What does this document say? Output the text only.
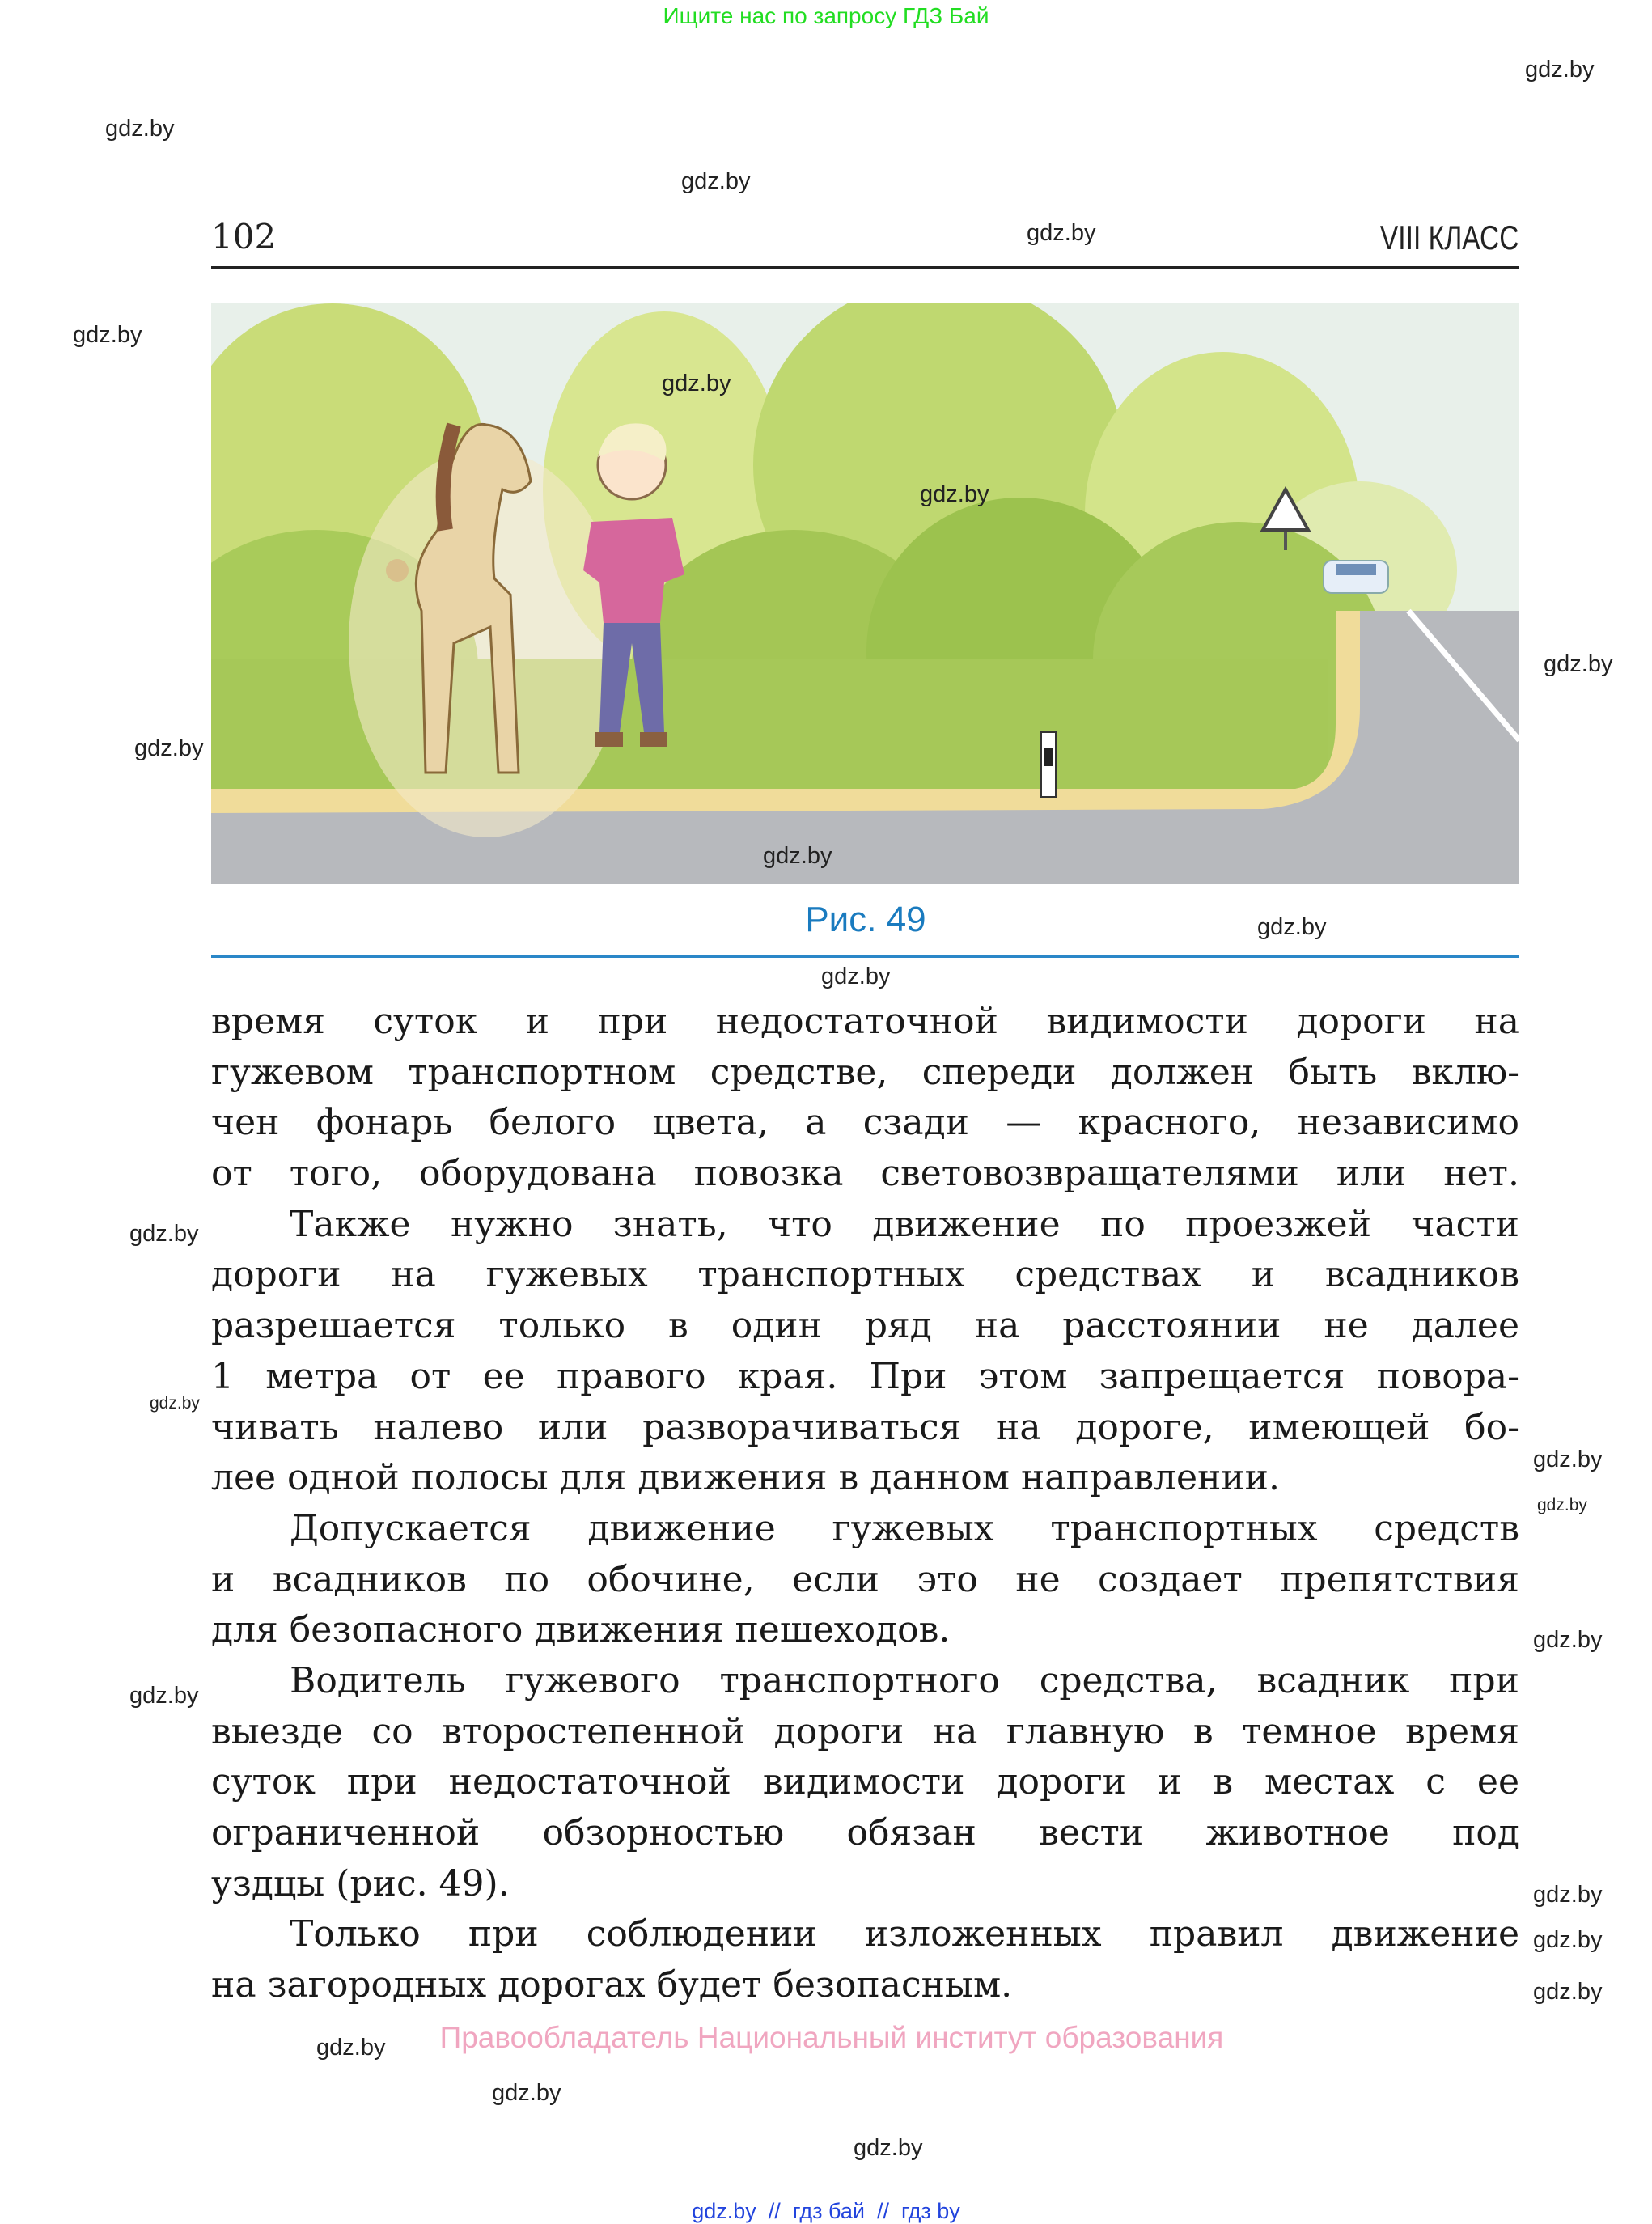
Ищите нас по запросу ГДЗ Бай
102	VIII КЛАСС
Рис. 49
время суток и при недостаточной видимости дороги на
гужевом транспортном средстве, спереди должен быть вклю-
чен фонарь белого цвета, а сзади — красного, независимо
от того, оборудована повозка световозвращателями или нет.
Также нужно знать, что движение по проезжей части
дороги на гужевых транспортных средствах и всадников
разрешается только в один ряд на расстоянии не далее
1 метра от ее правого края. При этом запрещается повора-
чивать налево или разворачиваться на дороге, имеющей бо-
лее одной полосы для движения в данном направлении.
Допускается движение гужевых транспортных средств
и всадников по обочине, если это не создает препятствия
для безопасного движения пешеходов.
Водитель гужевого транспортного средства, всадник при
выезде со второстепенной дороги на главную в темное время
суток при недостаточной видимости дороги и в местах с ее
ограниченной обзорностью обязан вести животное под
уздцы (рис. 49).
Только при соблюдении изложенных правил движение
на загородных дорогах будет безопасным.
Правообладатель Национальный институт образования
gdz.by
gdz.by
gdz.by
gdz.by
gdz.by
gdz.by
gdz.by
gdz.by
gdz.by
gdz.by
gdz.by
gdz.by
gdz.by
gdz.by
gdz.by
gdz.by
gdz.by
gdz.by
gdz.by
gdz.by
gdz.by
gdz.by
gdz.by
gdz.by
gdz.by  //  гдз бай  //  гдз by
